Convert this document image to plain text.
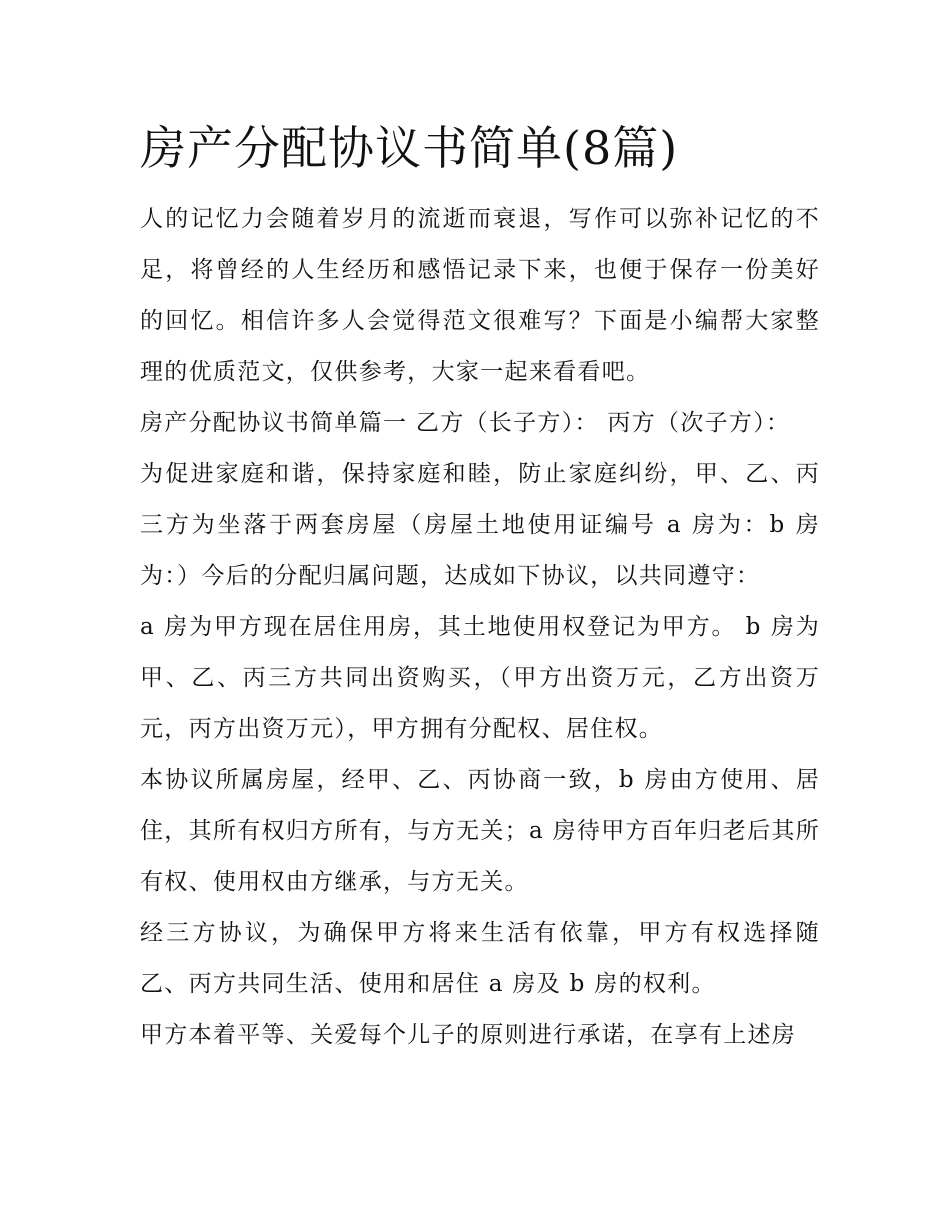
房产分配协议书简单(8篇)

人的记忆力会随着岁月的流逝而衰退，写作可以弥补记忆的不足，将曾经的人生经历和感悟记录下来，也便于保存一份美好的回忆。相信许多人会觉得范文很难写？下面是小编帮大家整理的优质范文，仅供参考，大家一起来看看吧。

房产分配协议书简单篇一 乙方（长子方）： 丙方（次子方）：

为促进家庭和谐，保持家庭和睦，防止家庭纠纷，甲、乙、丙三方为坐落于两套房屋（房屋土地使用证编号 a 房为：b 房为：）今后的分配归属问题，达成如下协议，以共同遵守：

a 房为甲方现在居住用房，其土地使用权登记为甲方。 b 房为甲、乙、丙三方共同出资购买，（甲方出资万元，乙方出资万元，丙方出资万元），甲方拥有分配权、居住权。

本协议所属房屋，经甲、乙、丙协商一致，b 房由方使用、居住，其所有权归方所有，与方无关；a 房待甲方百年归老后其所有权、使用权由方继承，与方无关。

经三方协议，为确保甲方将来生活有依靠，甲方有权选择随乙、丙方共同生活、使用和居住 a 房及 b 房的权利。

甲方本着平等、关爱每个儿子的原则进行承诺，在享有上述房
